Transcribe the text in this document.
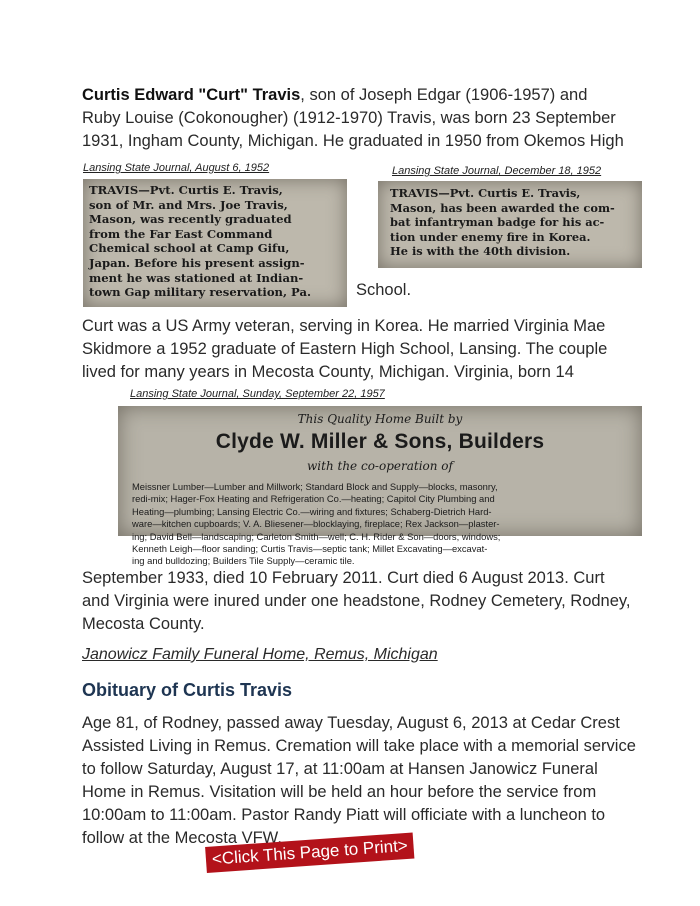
Curtis Edward "Curt" Travis, son of Joseph Edgar (1906-1957) and
Ruby Louise (Cokonougher) (1912-1970) Travis, was born 23 September
1931, Ingham County, Michigan. He graduated in 1950 from Okemos High
Lansing State Journal, August 6, 1952
TRAVIS—Pvt. Curtis E. Travis,
son of Mr. and Mrs. Joe Travis,
Mason, was recently graduated
from the Far East Command
Chemical school at Camp Gifu,
Japan. Before his present assign-
ment he was stationed at Indian-
town Gap military reservation, Pa.
Lansing State Journal, December 18, 1952
TRAVIS—Pvt. Curtis E. Travis,
Mason, has been awarded the com-
bat infantryman badge for his ac-
tion under enemy fire in Korea.
He is with the 40th division.
School.
Curt was a US Army veteran, serving in Korea. He married Virginia Mae
Skidmore a 1952 graduate of Eastern High School, Lansing. The couple
lived for many years in Mecosta County, Michigan. Virginia, born 14
Lansing State Journal, Sunday, September 22, 1957
This Quality Home Built by
Clyde W. Miller & Sons, Builders
with the co-operation of
Meissner Lumber—Lumber and Millwork; Standard Block and Supply—blocks, masonry,
redi-mix; Hager-Fox Heating and Refrigeration Co.—heating; Capitol City Plumbing and
Heating—plumbing; Lansing Electric Co.—wiring and fixtures; Schaberg-Dietrich Hard-
ware—kitchen cupboards; V. A. Bliesener—blocklaying, fireplace; Rex Jackson—plaster-
ing; David Bell—landscaping; Carleton Smith—well; C. H. Rider & Son—doors, windows;
Kenneth Leigh—floor sanding; Curtis Travis—septic tank; Millet Excavating—excavat-
ing and bulldozing; Builders Tile Supply—ceramic tile.
September 1933, died 10 February 2011. Curt died 6 August 2013. Curt
and Virginia were inured under one headstone, Rodney Cemetery, Rodney,
Mecosta County.
Janowicz Family Funeral Home, Remus, Michigan
Obituary of Curtis Travis
Age 81, of Rodney, passed away Tuesday, August 6, 2013 at Cedar Crest
Assisted Living in Remus. Cremation will take place with a memorial service
to follow Saturday, August 17, at 11:00am at Hansen Janowicz Funeral
Home in Remus. Visitation will be held an hour before the service from
10:00am to 11:00am. Pastor Randy Piatt will officiate with a luncheon to
follow at the Mecosta VFW.
<Click This Page to Print>
